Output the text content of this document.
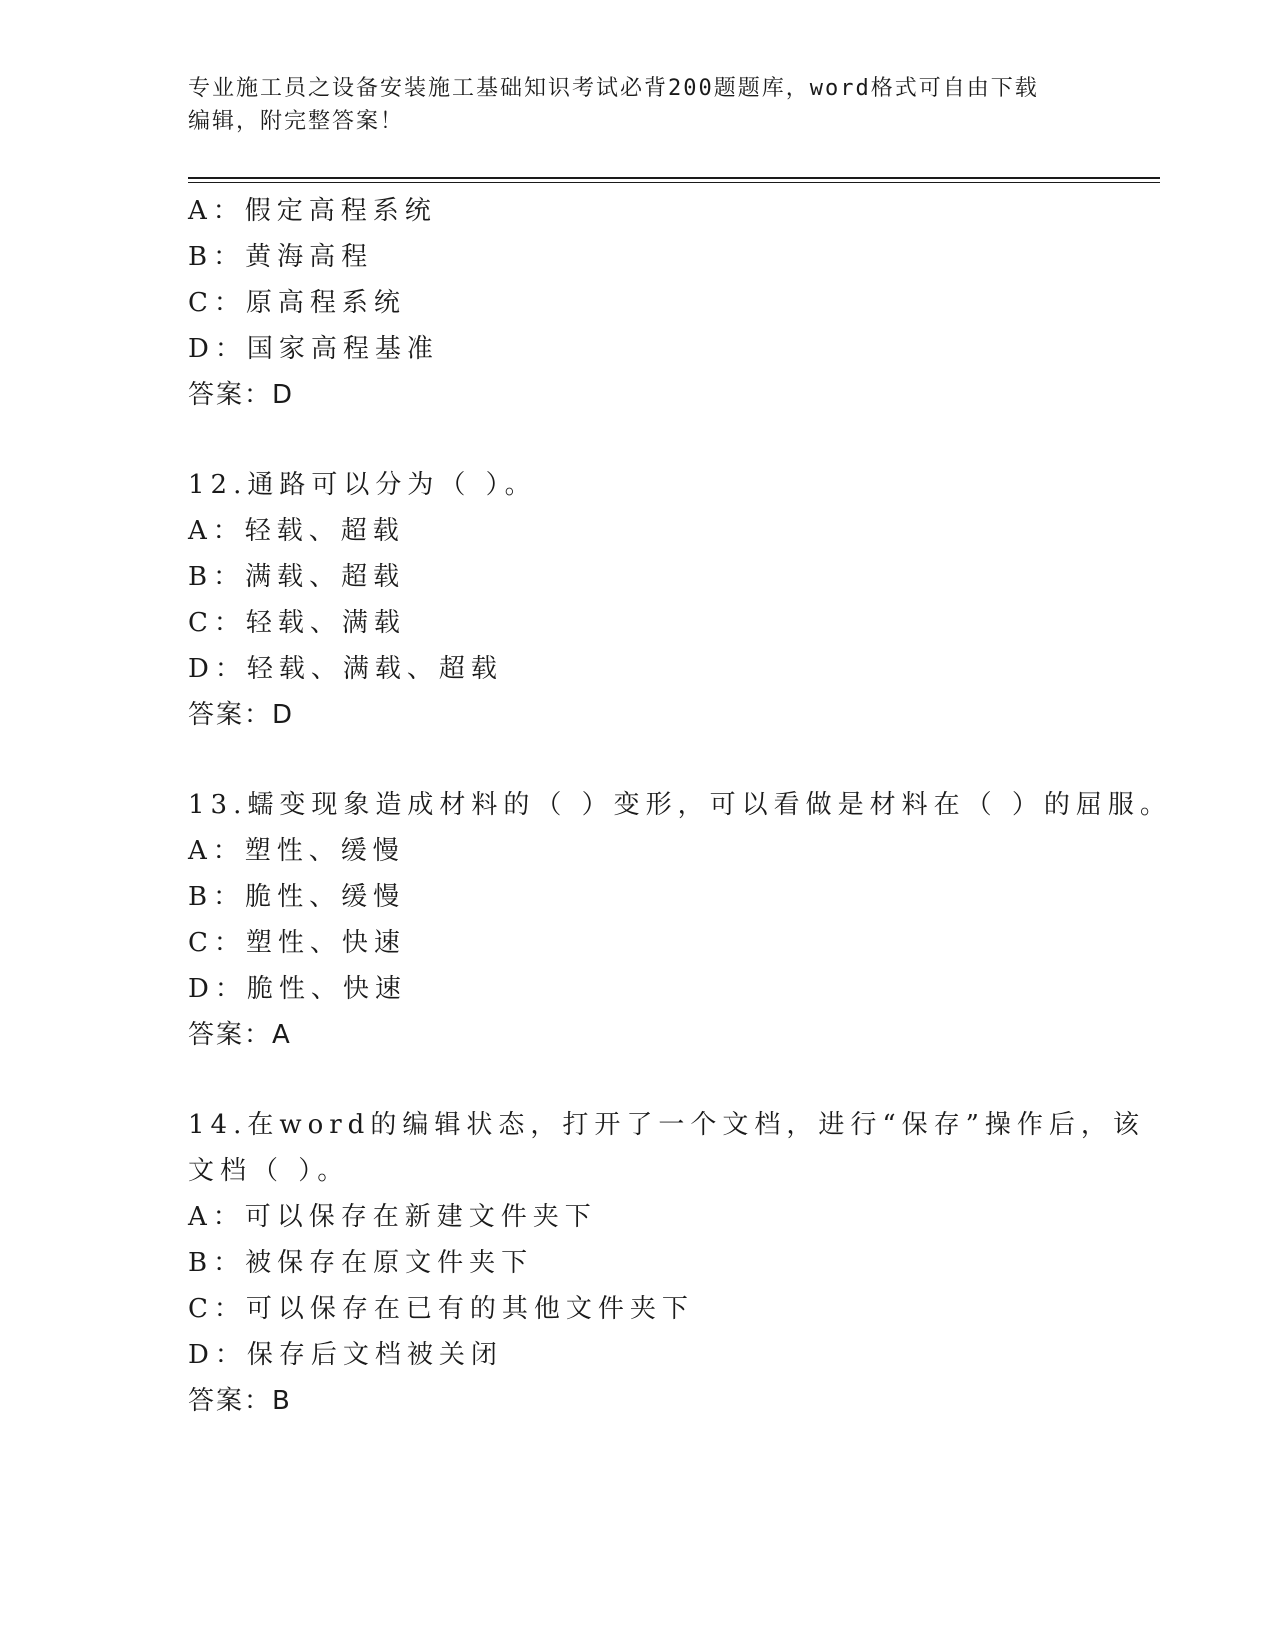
专业施工员之设备安装施工基础知识考试必背200题题库，word格式可自由下载
编辑，附完整答案！
A：假定高程系统
B：黄海高程
C：原高程系统
D：国家高程基准
答案：D
12.通路可以分为（ ）。
A：轻载、超载
B：满载、超载
C：轻载、满载
D：轻载、满载、超载
答案：D
13.蠕变现象造成材料的（ ）变形，可以看做是材料在（ ）的屈服。
A：塑性、缓慢
B：脆性、缓慢
C：塑性、快速
D：脆性、快速
答案：A
14.在word的编辑状态，打开了一个文档，进行“保存”操作后，该
文档（ ）。
A：可以保存在新建文件夹下
B：被保存在原文件夹下
C：可以保存在已有的其他文件夹下
D：保存后文档被关闭
答案：B
